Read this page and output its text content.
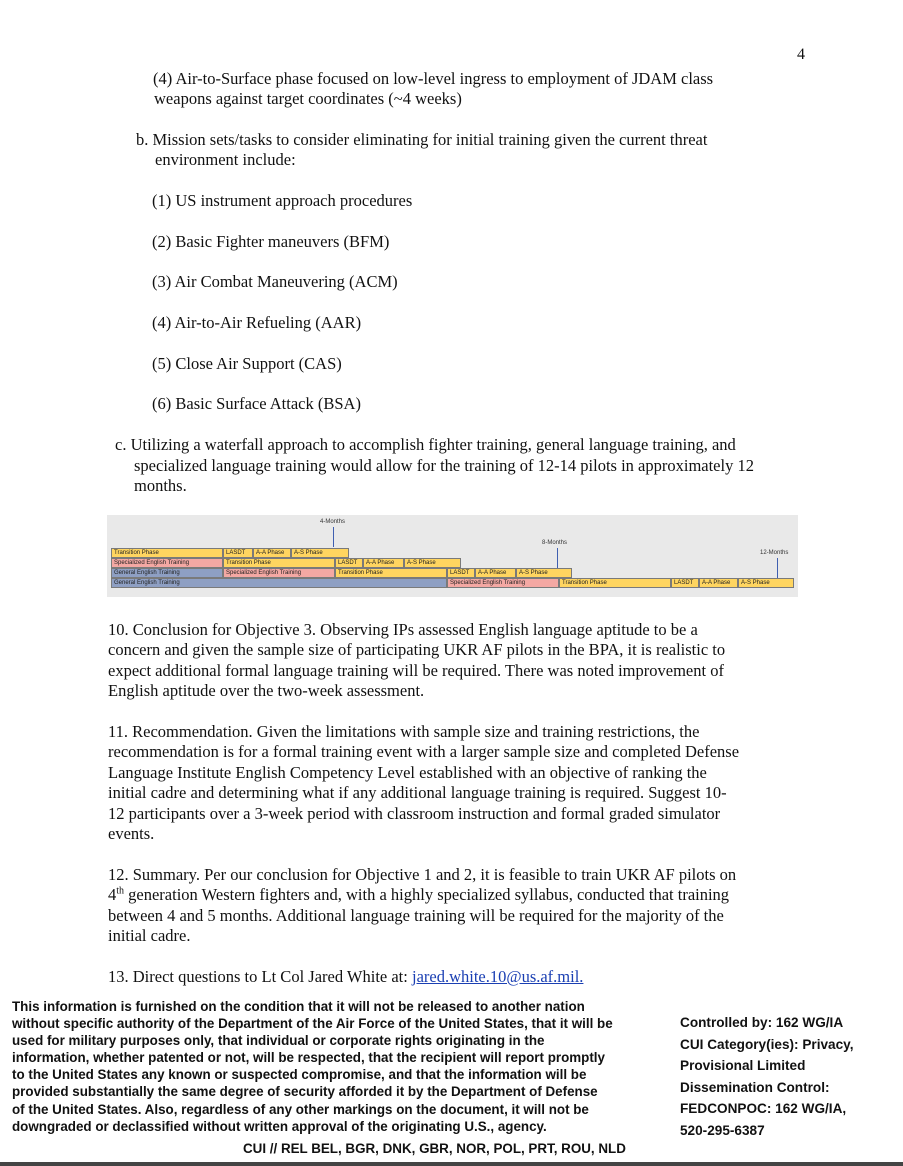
4
(4) Air-to-Surface phase focused on low-level ingress to employment of JDAM class
weapons against target coordinates (~4 weeks)
b. Mission sets/tasks to consider eliminating for initial training given the current threat
environment include:
(1) US instrument approach procedures
(2) Basic Fighter maneuvers (BFM)
(3) Air Combat Maneuvering (ACM)
(4) Air-to-Air Refueling (AAR)
(5) Close Air Support (CAS)
(6) Basic Surface Attack (BSA)
c. Utilizing a waterfall approach to accomplish fighter training, general language training, and
specialized language training would allow for the training of 12-14 pilots in approximately 12
months.
4-Months
8-Months
12-Months
Transition Phase	LASDT	A-A Phase	A-S Phase
Specialized English Training	Transition Phase	LASDT	A-A Phase	A-S Phase
General English Training	Specialized English Training	Transition Phase	LASDT	A-A Phase	A-S Phase
General English Training	Specialized English Training	Transition Phase	LASDT	A-A Phase	A-S Phase
10. Conclusion for Objective 3. Observing IPs assessed English language aptitude to be a
concern and given the sample size of participating UKR AF pilots in the BPA, it is realistic to
expect additional formal language training will be required. There was noted improvement of
English aptitude over the two-week assessment.
11. Recommendation. Given the limitations with sample size and training restrictions, the
recommendation is for a formal training event with a larger sample size and completed Defense
Language Institute English Competency Level established with an objective of ranking the
initial cadre and determining what if any additional language training is required. Suggest 10-
12 participants over a 3-week period with classroom instruction and formal graded simulator
events.
12. Summary. Per our conclusion for Objective 1 and 2, it is feasible to train UKR AF pilots on
4th generation Western fighters and, with a highly specialized syllabus, conducted that training
between 4 and 5 months. Additional language training will be required for the majority of the
initial cadre.
13. Direct questions to Lt Col Jared White at: jared.white.10@us.af.mil.
This information is furnished on the condition that it will not be released to another nation
without specific authority of the Department of the Air Force of the United States, that it will be
used for military purposes only, that individual or corporate rights originating in the
information, whether patented or not, will be respected, that the recipient will report promptly
to the United States any known or suspected compromise, and that the information will be
provided substantially the same degree of security afforded it by the Department of Defense
of the United States. Also, regardless of any other markings on the document, it will not be
downgraded or declassified without written approval of the originating U.S., agency.
Controlled by: 162 WG/IA
CUI Category(ies): Privacy,
Provisional Limited
Dissemination Control:
FEDCONPOC: 162 WG/IA,
520-295-6387
CUI // REL BEL, BGR, DNK, GBR, NOR, POL, PRT, ROU, NLD
